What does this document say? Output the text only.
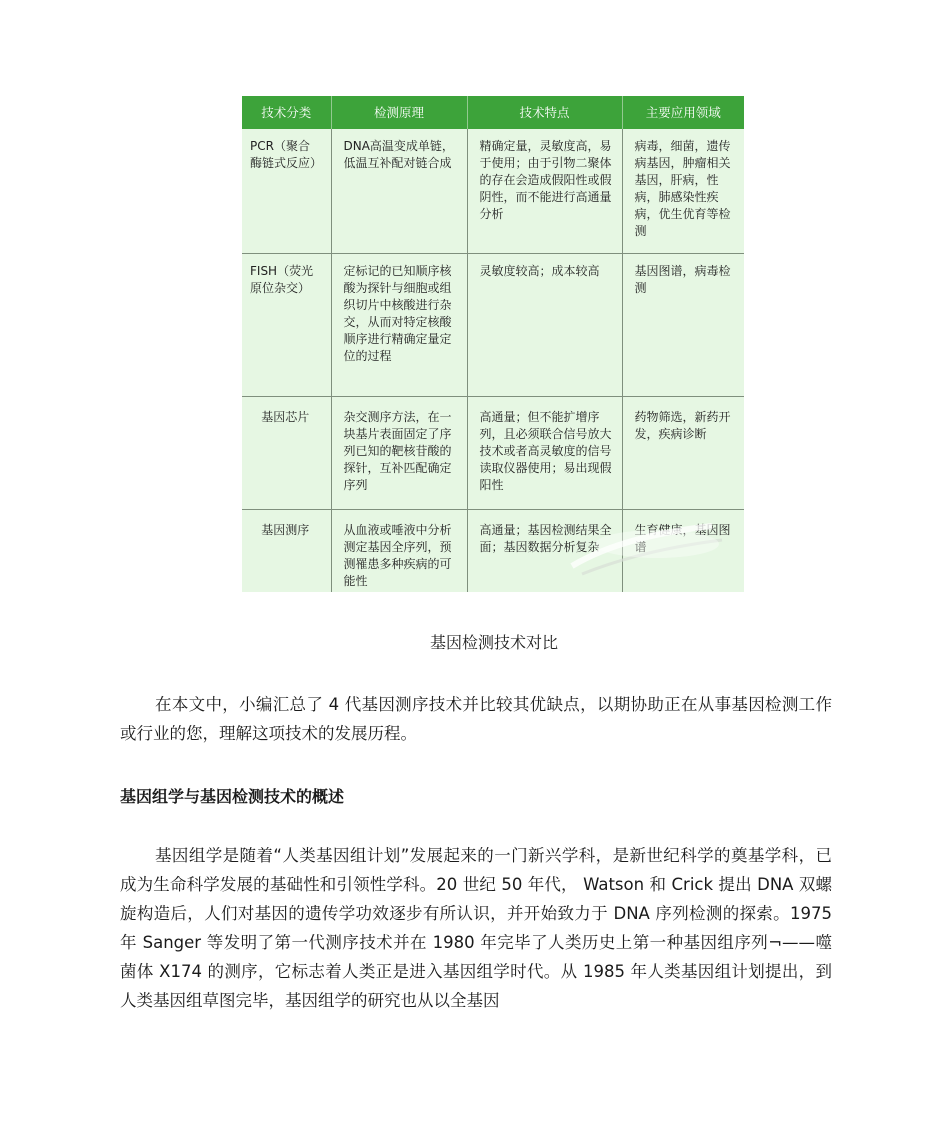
技术分类	检测原理	技术特点	主要应用领域
PCR（聚合酶链式反应）	DNA高温变成单链，低温互补配对链合成	精确定量，灵敏度高，易于使用；由于引物二聚体的存在会造成假阳性或假阴性，而不能进行高通量分析	病毒，细菌，遗传病基因，肿瘤相关基因，肝病，性病，肺感染性疾病，优生优育等检测
FISH（荧光原位杂交）	定标记的已知顺序核酸为探针与细胞或组织切片中核酸进行杂交，从而对特定核酸顺序进行精确定量定位的过程	灵敏度较高；成本较高	基因图谱，病毒检测
基因芯片	杂交测序方法，在一块基片表面固定了序列已知的靶核苷酸的探针，互补匹配确定序列	高通量；但不能扩增序列，且必须联合信号放大技术或者高灵敏度的信号读取仪器使用；易出现假阳性	药物筛选，新药开发，疾病诊断
基因测序	从血液或唾液中分析测定基因全序列，预测罹患多种疾病的可能性	高通量；基因检测结果全面；基因数据分析复杂	生育健康，基因图谱
基因检测技术对比

在本文中，小编汇总了 4 代基因测序技术并比较其优缺点，以期协助正在从事基因检测工作或行业的您，理解这项技术的发展历程。

基因组学与基因检测技术的概述

基因组学是随着“人类基因组计划”发展起来的一门新兴学科，是新世纪科学的奠基学科，已成为生命科学发展的基础性和引领性学科。20 世纪 50 年代， Watson 和 Crick 提出 DNA 双螺旋构造后，人们对基因的遗传学功效逐步有所认识，并开始致力于 DNA 序列检测的探索。1975 年 Sanger 等发明了第一代测序技术并在 1980 年完毕了人类历史上第一种基因组序列¬——噬菌体 X174 的测序，它标志着人类正是进入基因组学时代。从 1985 年人类基因组计划提出，到人类基因组草图完毕，基因组学的研究也从以全基因
